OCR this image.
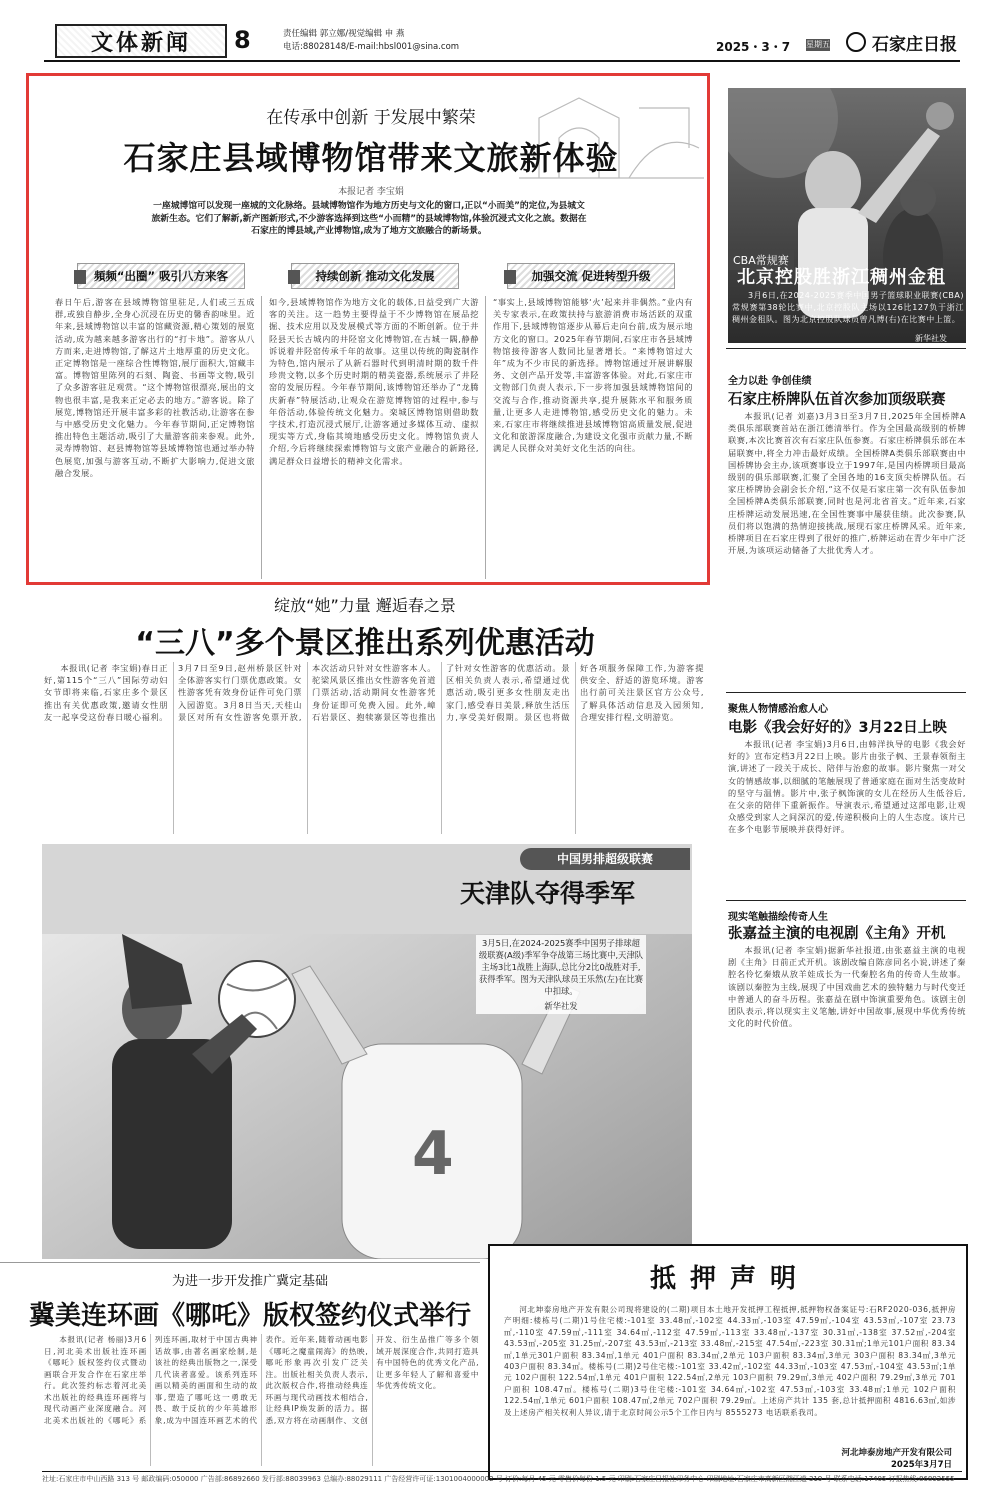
文体新闻	8	责任编辑 郭立娜/视觉编辑 申 燕
电话:88028148/E-mail:hbsl001@sina.com	2025・3・7 星期五 石家庄日报
在传承中创新 于发展中繁荣
石家庄县域博物馆带来文旅新体验
本报记者 李宝娟
一座城博馆可以发现一座城的文化脉络。县域博物馆作为地方历史与文化的窗口,正以“小而美”的定位,为县城文旅新生态。它们了解新,新产图新形式,不少游客选择到这些“小而精”的县域博物馆,体验沉浸式文化之旅。数据在石家庄的博县域,产业博物馆,成为了地方文旅融合的新场景。
頻频“出圈” 吸引八方来客	持续创新 推动文化发展	加强交流 促进转型升级
春日午后,游客在县域博物馆里驻足,人们或三五成群,或独自静步,全身心沉浸在历史的馨香韵味里。近年来,县域博物馆以丰富的馆藏资源,精心策划的展览活动,成为越来越多游客出行的“打卡地”。游客从八方而来,走进博物馆,了解这片土地厚重的历史文化。正定博物馆是一座综合性博物馆,展厅面积大,馆藏丰富。博物馆里陈列的石刻、陶瓷、书画等文物,吸引了众多游客驻足观赏。“这个博物馆很漂亮,展出的文物也很丰富,是我来正定必去的地方。”游客说。除了展览,博物馆还开展丰富多彩的社教活动,让游客在参与中感受历史文化魅力。今年春节期间,正定博物馆推出特色主题活动,吸引了大量游客前来参观。此外,灵寿博物馆、赵县博物馆等县域博物馆也通过举办特色展览,加强与游客互动,不断扩大影响力,促进文旅融合发展。
如今,县域博物馆作为地方文化的载体,日益受到广大游客的关注。这一趋势主要得益于不少博物馆在展品挖掘、技术应用以及发展模式等方面的不断创新。位于井陉县天长古城内的井陉窑文化博物馆,在古城一隅,静静诉说着井陉窑传承千年的故事。这里以传统的陶瓷制作为特色,馆内展示了从新石器时代到明清时期的数千件珍贵文物,以多个历史时期的精美瓷器,系统展示了井陉窑的发展历程。今年春节期间,该博物馆还举办了“龙腾庆新春”特展活动,让观众在游览博物馆的过程中,参与年俗活动,体验传统文化魅力。栾城区博物馆则借助数字技术,打造沉浸式展厅,让游客通过多媒体互动、虚拟现实等方式,身临其境地感受历史文化。博物馆负责人介绍,今后将继续探索博物馆与文旅产业融合的新路径,满足群众日益增长的精神文化需求。
“事实上,县域博物馆能够‘火’起来并非偶然。”业内有关专家表示,在政策扶持与旅游消费市场活跃的双重作用下,县域博物馆逐步从幕后走向台前,成为展示地方文化的窗口。2025年春节期间,石家庄市各县域博物馆接待游客人数同比显著增长。“来博物馆过大年”成为不少市民的新选择。博物馆通过开展讲解服务、文创产品开发等,丰富游客体验。对此,石家庄市文物部门负责人表示,下一步将加强县域博物馆间的交流与合作,推动资源共享,提升展陈水平和服务质量,让更多人走进博物馆,感受历史文化的魅力。未来,石家庄市将继续推进县域博物馆高质量发展,促进文化和旅游深度融合,为建设文化强市贡献力量,不断满足人民群众对美好文化生活的向往。
CBA常规赛
北京控股胜浙江稠州金租

3月6日,在2024-2025赛季中国男子篮球职业联赛(CBA)常规赛第38轮比赛中,北京控股队主场以126比127负于浙江稠州金租队。图为北京控股队球员曾凡博(右)在比赛中上篮。

新华社发
全力以赴 争创佳绩
石家庄桥牌队伍首次参加顶级联赛

本报讯(记者 刘嘉)3月3日至3月7日,2025年全国桥牌A类俱乐部联赛首站在浙江德清举行。作为全国最高级别的桥牌联赛,本次比赛首次有石家庄队伍参赛。石家庄桥牌俱乐部在本届联赛中,将全力冲击最好成绩。全国桥牌A类俱乐部联赛由中国桥牌协会主办,该项赛事设立于1997年,是国内桥牌项目最高级别的俱乐部联赛,汇聚了全国各地的16支顶尖桥牌队伍。石家庄桥牌协会副会长介绍,“这不仅是石家庄第一次有队伍参加全国桥牌A类俱乐部联赛,同时也是河北省首支。”近年来,石家庄桥牌运动发展迅速,在全国性赛事中屡获佳绩。此次参赛,队员们将以饱满的热情迎接挑战,展现石家庄桥牌风采。近年来,桥牌项目在石家庄得到了很好的推广,桥牌运动在青少年中广泛开展,为该项运动储备了大批优秀人才。

聚焦人物情感治愈人心
电影《我会好好的》3月22日上映

本报讯(记者 李宝娟)3月6日,由韩洋执导的电影《我会好好的》宣布定档3月22日上映。影片由张子枫、王景春领衔主演,讲述了一段关于成长、陪伴与治愈的故事。影片聚焦一对父女的情感故事,以细腻的笔触展现了普通家庭在面对生活变故时的坚守与温情。影片中,张子枫饰演的女儿在经历人生低谷后,在父亲的陪伴下重新振作。导演表示,希望通过这部电影,让观众感受到家人之间深沉的爱,传递积极向上的人生态度。该片已在多个电影节展映并获得好评。

现实笔触描绘传奇人生
张嘉益主演的电视剧《主角》开机

本报讯(记者 李宝娟)据新华社报道,由张嘉益主演的电视剧《主角》日前正式开机。该剧改编自陈彦同名小说,讲述了秦腔名伶忆秦娥从放羊娃成长为一代秦腔名角的传奇人生故事。该剧以秦腔为主线,展现了中国戏曲艺术的独特魅力与时代变迁中普通人的奋斗历程。张嘉益在剧中饰演重要角色。该剧主创团队表示,将以现实主义笔触,讲好中国故事,展现中华优秀传统文化的时代价值。

绽放“她”力量 邂逅春之景
“三八”多个景区推出系列优惠活动

本报讯(记者 李宝娟)春日正好,第115个“三八”国际劳动妇女节即将来临,石家庄多个景区推出有关优惠政策,邀请女性朋友一起享受这份春日暖心福利。3月7日至9日,赵州桥景区针对全体游客实行门票优惠政策。女性游客凭有效身份证件可免门票入园游览。3月8日当天,天桂山景区对所有女性游客免票开放,本次活动只针对女性游客本人。驼梁风景区推出女性游客免首道门票活动,活动期间女性游客凭身份证即可免费入园。此外,嶂石岩景区、抱犊寨景区等也推出了针对女性游客的优惠活动。景区相关负责人表示,希望通过优惠活动,吸引更多女性朋友走出家门,感受春日美景,释放生活压力,享受美好假期。景区也将做好各项服务保障工作,为游客提供安全、舒适的游览环境。游客出行前可关注景区官方公众号,了解具体活动信息及入园须知,合理安排行程,文明游览。

4
中国男排超级联赛
天津队夺得季军
3月5日,在2024-2025赛季中国男子排球超级联赛(A级)季军争夺战第三场比赛中,天津队主场3比1战胜上海队,总比分2比0战胜对手,获得季军。图为天津队球员王乐然(左)在比赛中扣球。
新华社发
为进一步开发推广冀定基础
冀美连环画《哪吒》版权签约仪式举行

本报讯(记者 杨丽)3月6日,河北美术出版社连环画《哪吒》版权签约仪式暨动画联合开发合作在石家庄举行。此次签约标志着河北美术出版社的经典连环画将与现代动画产业深度融合。河北美术出版社的《哪吒》系列连环画,取材于中国古典神话故事,由著名画家绘制,是该社的经典出版物之一,深受几代读者喜爱。该系列连环画以精美的画面和生动的故事,塑造了哪吒这一勇敢无畏、敢于反抗的少年英雄形象,成为中国连环画艺术的代表作。近年来,随着动画电影《哪吒之魔童闹海》的热映,哪吒形象再次引发广泛关注。出版社相关负责人表示,此次版权合作,将推动经典连环画与现代动画技术相结合,让经典IP焕发新的活力。据悉,双方将在动画制作、文创开发、衍生品推广等多个领域开展深度合作,共同打造具有中国特色的优秀文化产品,让更多年轻人了解和喜爱中华优秀传统文化。

抵押声明

河北坤泰房地产开发有限公司现将建设的(二期)项目本土地开发抵押工程抵押,抵押物权备案证号:石RF2020-036,抵押房产明细:楼栋号(二期)1号住宅楼:-101室 33.48㎡,-102室 44.33㎡,-103室 47.59㎡,-104室 43.53㎡,-107室 23.73㎡,-110室 47.59㎡,-111室 34.64㎡,-112室 47.59㎡,-113室 33.48㎡,-137室 30.31㎡,-138室 37.52㎡,-204室 43.53㎡,-205室 31.25㎡,-207室 43.53㎡,-213室 33.48㎡,-215室 47.54㎡,-223室 30.31㎡;1单元101户面积 83.34㎡,1单元301户面积 83.34㎡,1单元 401户面积 83.34㎡,2单元 103户面积 83.34㎡,3单元 303户面积 83.34㎡,3单元 403户面积 83.34㎡。楼栋号(二期)2号住宅楼:-101室 33.42㎡,-102室 44.33㎡,-103室 47.53㎡,-104室 43.53㎡;1单元 102户面积 122.54㎡,1单元 401户面积 122.54㎡,2单元 103户面积 79.29㎡,3单元 402户面积 79.29㎡,3单元 701户面积 108.47㎡。楼栋号(二期)3号住宅楼:-101室 34.64㎡,-102室 47.53㎡,-103室 33.48㎡;1单元 102户面积 122.54㎡,1单元 601户面积 108.47㎡,2单元 702户面积 79.29㎡。上述房产共计 135 套,总计抵押面积 4816.63㎡,如涉及上述房产相关权利人异议,请于北京时间公示5个工作日内与 8555273 电话联系我司。

河北坤泰房地产开发有限公司
2025年3月7日
社址:石家庄市中山西路 313 号 邮政编码:050000 广告部:86892660 发行部:88039963 总编办:88029111 广告经营许可证:1301004000002 号 订价:每月 45 元 零售价每份 1.5 元 印刷:石家庄日报社印务中心 印刷地址:石家庄市高新区湘江道 319 号 联系电话:17405 订报热线:86892555
